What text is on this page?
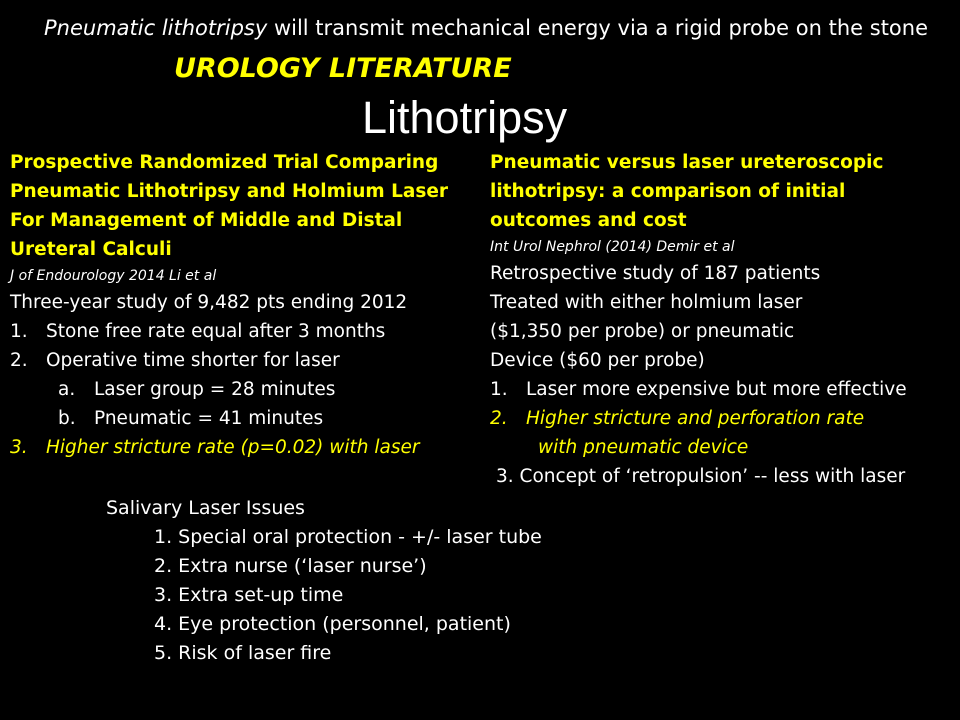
Pneumatic lithotripsy will transmit mechanical energy via a rigid probe on the stone
UROLOGY LITERATURE
Lithotripsy
Prospective Randomized Trial Comparing
Pneumatic Lithotripsy and Holmium Laser
For Management of Middle and Distal
Ureteral Calculi
J of Endourology 2014 Li et al
Three-year study of 9,482 pts ending 2012
1. Stone free rate equal after 3 months
2. Operative time shorter for laser
a. Laser group = 28 minutes
b. Pneumatic = 41 minutes
3. Higher stricture rate (p=0.02) with laser
Pneumatic versus laser ureteroscopic
lithotripsy: a comparison of initial
outcomes and cost
Int Urol Nephrol (2014) Demir et al
Retrospective study of 187 patients
Treated with either holmium laser
($1,350 per probe) or pneumatic
Device ($60 per probe)
1. Laser more expensive but more effective
2. Higher stricture and perforation rate
with pneumatic device
3. Concept of ‘retropulsion’ -- less with laser
Salivary Laser Issues
1. Special oral protection - +/- laser tube
2. Extra nurse (‘laser nurse’)
3. Extra set-up time
4. Eye protection (personnel, patient)
5. Risk of laser fire
